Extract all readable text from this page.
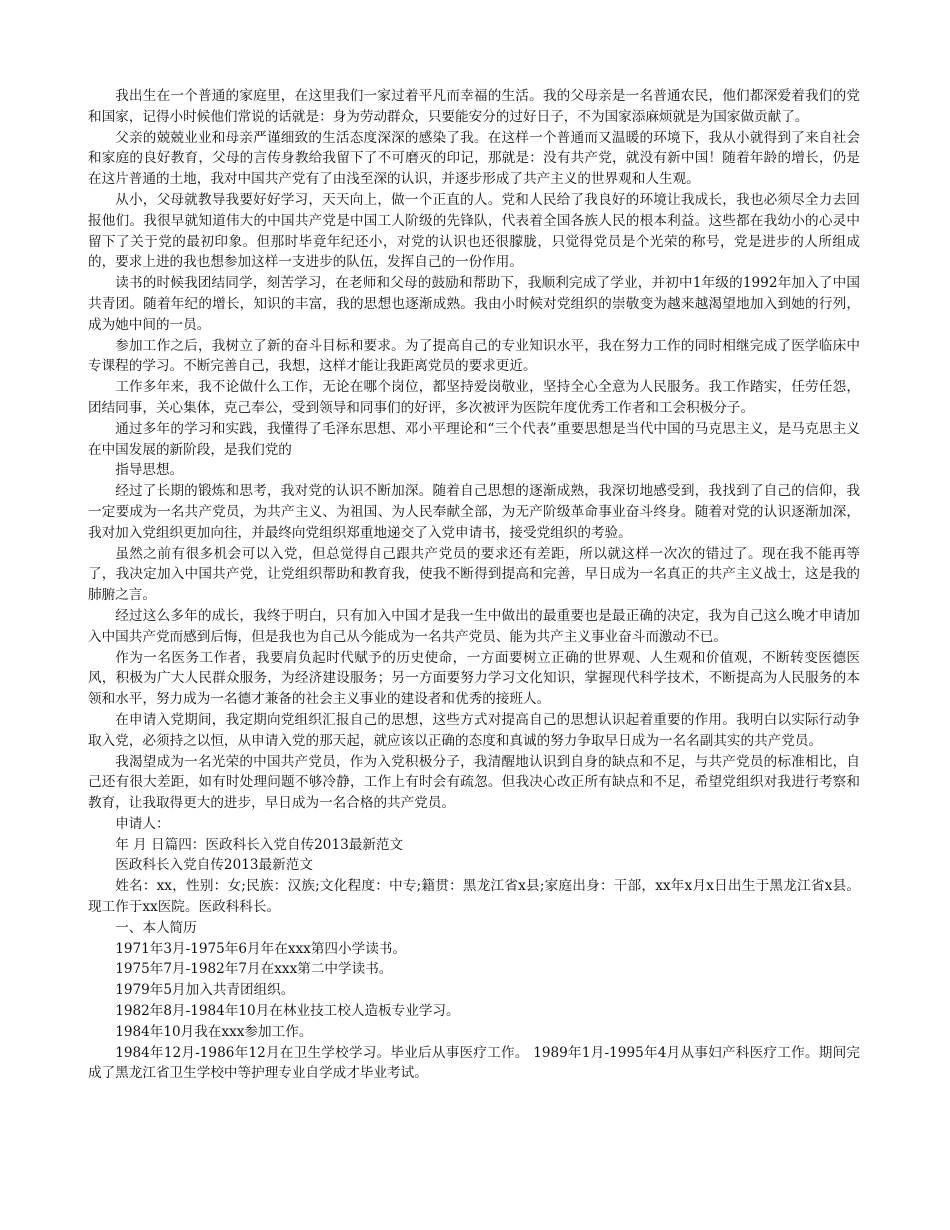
我出生在一个普通的家庭里，在这里我们一家过着平凡而幸福的生活。我的父母亲是一名普通农民，他们都深爱着我们的党和国家，记得小时候他们常说的话就是：身为劳动群众，只要能安分的过好日子，不为国家添麻烦就是为国家做贡献了。

父亲的兢兢业业和母亲严谨细致的生活态度深深的感染了我。在这样一个普通而又温暖的环境下，我从小就得到了来自社会和家庭的良好教育，父母的言传身教给我留下了不可磨灭的印记，那就是：没有共产党，就没有新中国！随着年龄的增长，仍是在这片普通的土地，我对中国共产党有了由浅至深的认识，并逐步形成了共产主义的世界观和人生观。

从小，父母就教导我要好好学习，天天向上，做一个正直的人。党和人民给了我良好的环境让我成长，我也必须尽全力去回报他们。我很早就知道伟大的中国共产党是中国工人阶级的先锋队，代表着全国各族人民的根本利益。这些都在我幼小的心灵中留下了关于党的最初印象。但那时毕竟年纪还小，对党的认识也还很朦胧，只觉得党员是个光荣的称号，党是进步的人所组成的，要求上进的我也想参加这样一支进步的队伍，发挥自己的一份作用。

读书的时候我团结同学，刻苦学习，在老师和父母的鼓励和帮助下，我顺利完成了学业，并初中1年级的1992年加入了中国共青团。随着年纪的增长，知识的丰富，我的思想也逐渐成熟。我由小时候对党组织的崇敬变为越来越渴望地加入到她的行列，成为她中间的一员。

参加工作之后，我树立了新的奋斗目标和要求。为了提高自己的专业知识水平，我在努力工作的同时相继完成了医学临床中专课程的学习。不断完善自己，我想，这样才能让我距离党员的要求更近。

工作多年来，我不论做什么工作，无论在哪个岗位，都坚持爱岗敬业，坚持全心全意为人民服务。我工作踏实，任劳任怨，团结同事，关心集体，克己奉公，受到领导和同事们的好评，多次被评为医院年度优秀工作者和工会积极分子。

通过多年的学习和实践，我懂得了毛泽东思想、邓小平理论和“三个代表”重要思想是当代中国的马克思主义，是马克思主义在中国发展的新阶段，是我们党的

指导思想。

经过了长期的锻炼和思考，我对党的认识不断加深。随着自己思想的逐渐成熟，我深切地感受到，我找到了自己的信仰，我一定要成为一名共产党员，为共产主义、为祖国、为人民奉献全部，为无产阶级革命事业奋斗终身。随着对党的认识逐渐加深，我对加入党组织更加向往，并最终向党组织郑重地递交了入党申请书，接受党组织的考验。

虽然之前有很多机会可以入党，但总觉得自己跟共产党员的要求还有差距，所以就这样一次次的错过了。现在我不能再等了，我决定加入中国共产党，让党组织帮助和教育我，使我不断得到提高和完善，早日成为一名真正的共产主义战士，这是我的肺腑之言。

经过这么多年的成长，我终于明白，只有加入中国才是我一生中做出的最重要也是最正确的决定，我为自己这么晚才申请加入中国共产党而感到后悔，但是我也为自己从今能成为一名共产党员、能为共产主义事业奋斗而激动不已。

作为一名医务工作者，我要肩负起时代赋予的历史使命，一方面要树立正确的世界观、人生观和价值观，不断转变医德医风，积极为广大人民群众服务，为经济建设服务；另一方面要努力学习文化知识，掌握现代科学技术，不断提高为人民服务的本领和水平，努力成为一名德才兼备的社会主义事业的建设者和优秀的接班人。

在申请入党期间，我定期向党组织汇报自己的思想，这些方式对提高自己的思想认识起着重要的作用。我明白以实际行动争取入党，必须持之以恒，从申请入党的那天起，就应该以正确的态度和真诚的努力争取早日成为一名名副其实的共产党员。

我渴望成为一名光荣的中国共产党员，作为入党积极分子，我清醒地认识到自身的缺点和不足，与共产党员的标准相比，自己还有很大差距，如有时处理问题不够冷静，工作上有时会有疏忽。但我决心改正所有缺点和不足，希望党组织对我进行考察和教育，让我取得更大的进步，早日成为一名合格的共产党员。

申请人：

年 月 日篇四：医政科长入党自传2013最新范文

医政科长入党自传2013最新范文

姓名：xx，性别：女;民族：汉族;文化程度：中专;籍贯：黑龙江省x县;家庭出身：干部，xx年x月x日出生于黑龙江省x县。现工作于xx医院。医政科科长。

一、本人简历

1971年3月-1975年6月年在xxx第四小学读书。

1975年7月-1982年7月在xxx第二中学读书。

1979年5月加入共青团组织。

1982年8月-1984年10月在林业技工校人造板专业学习。

1984年10月我在xxx参加工作。

1984年12月-1986年12月在卫生学校学习。毕业后从事医疗工作。 1989年1月-1995年4月从事妇产科医疗工作。期间完成了黑龙江省卫生学校中等护理专业自学成才毕业考试。
